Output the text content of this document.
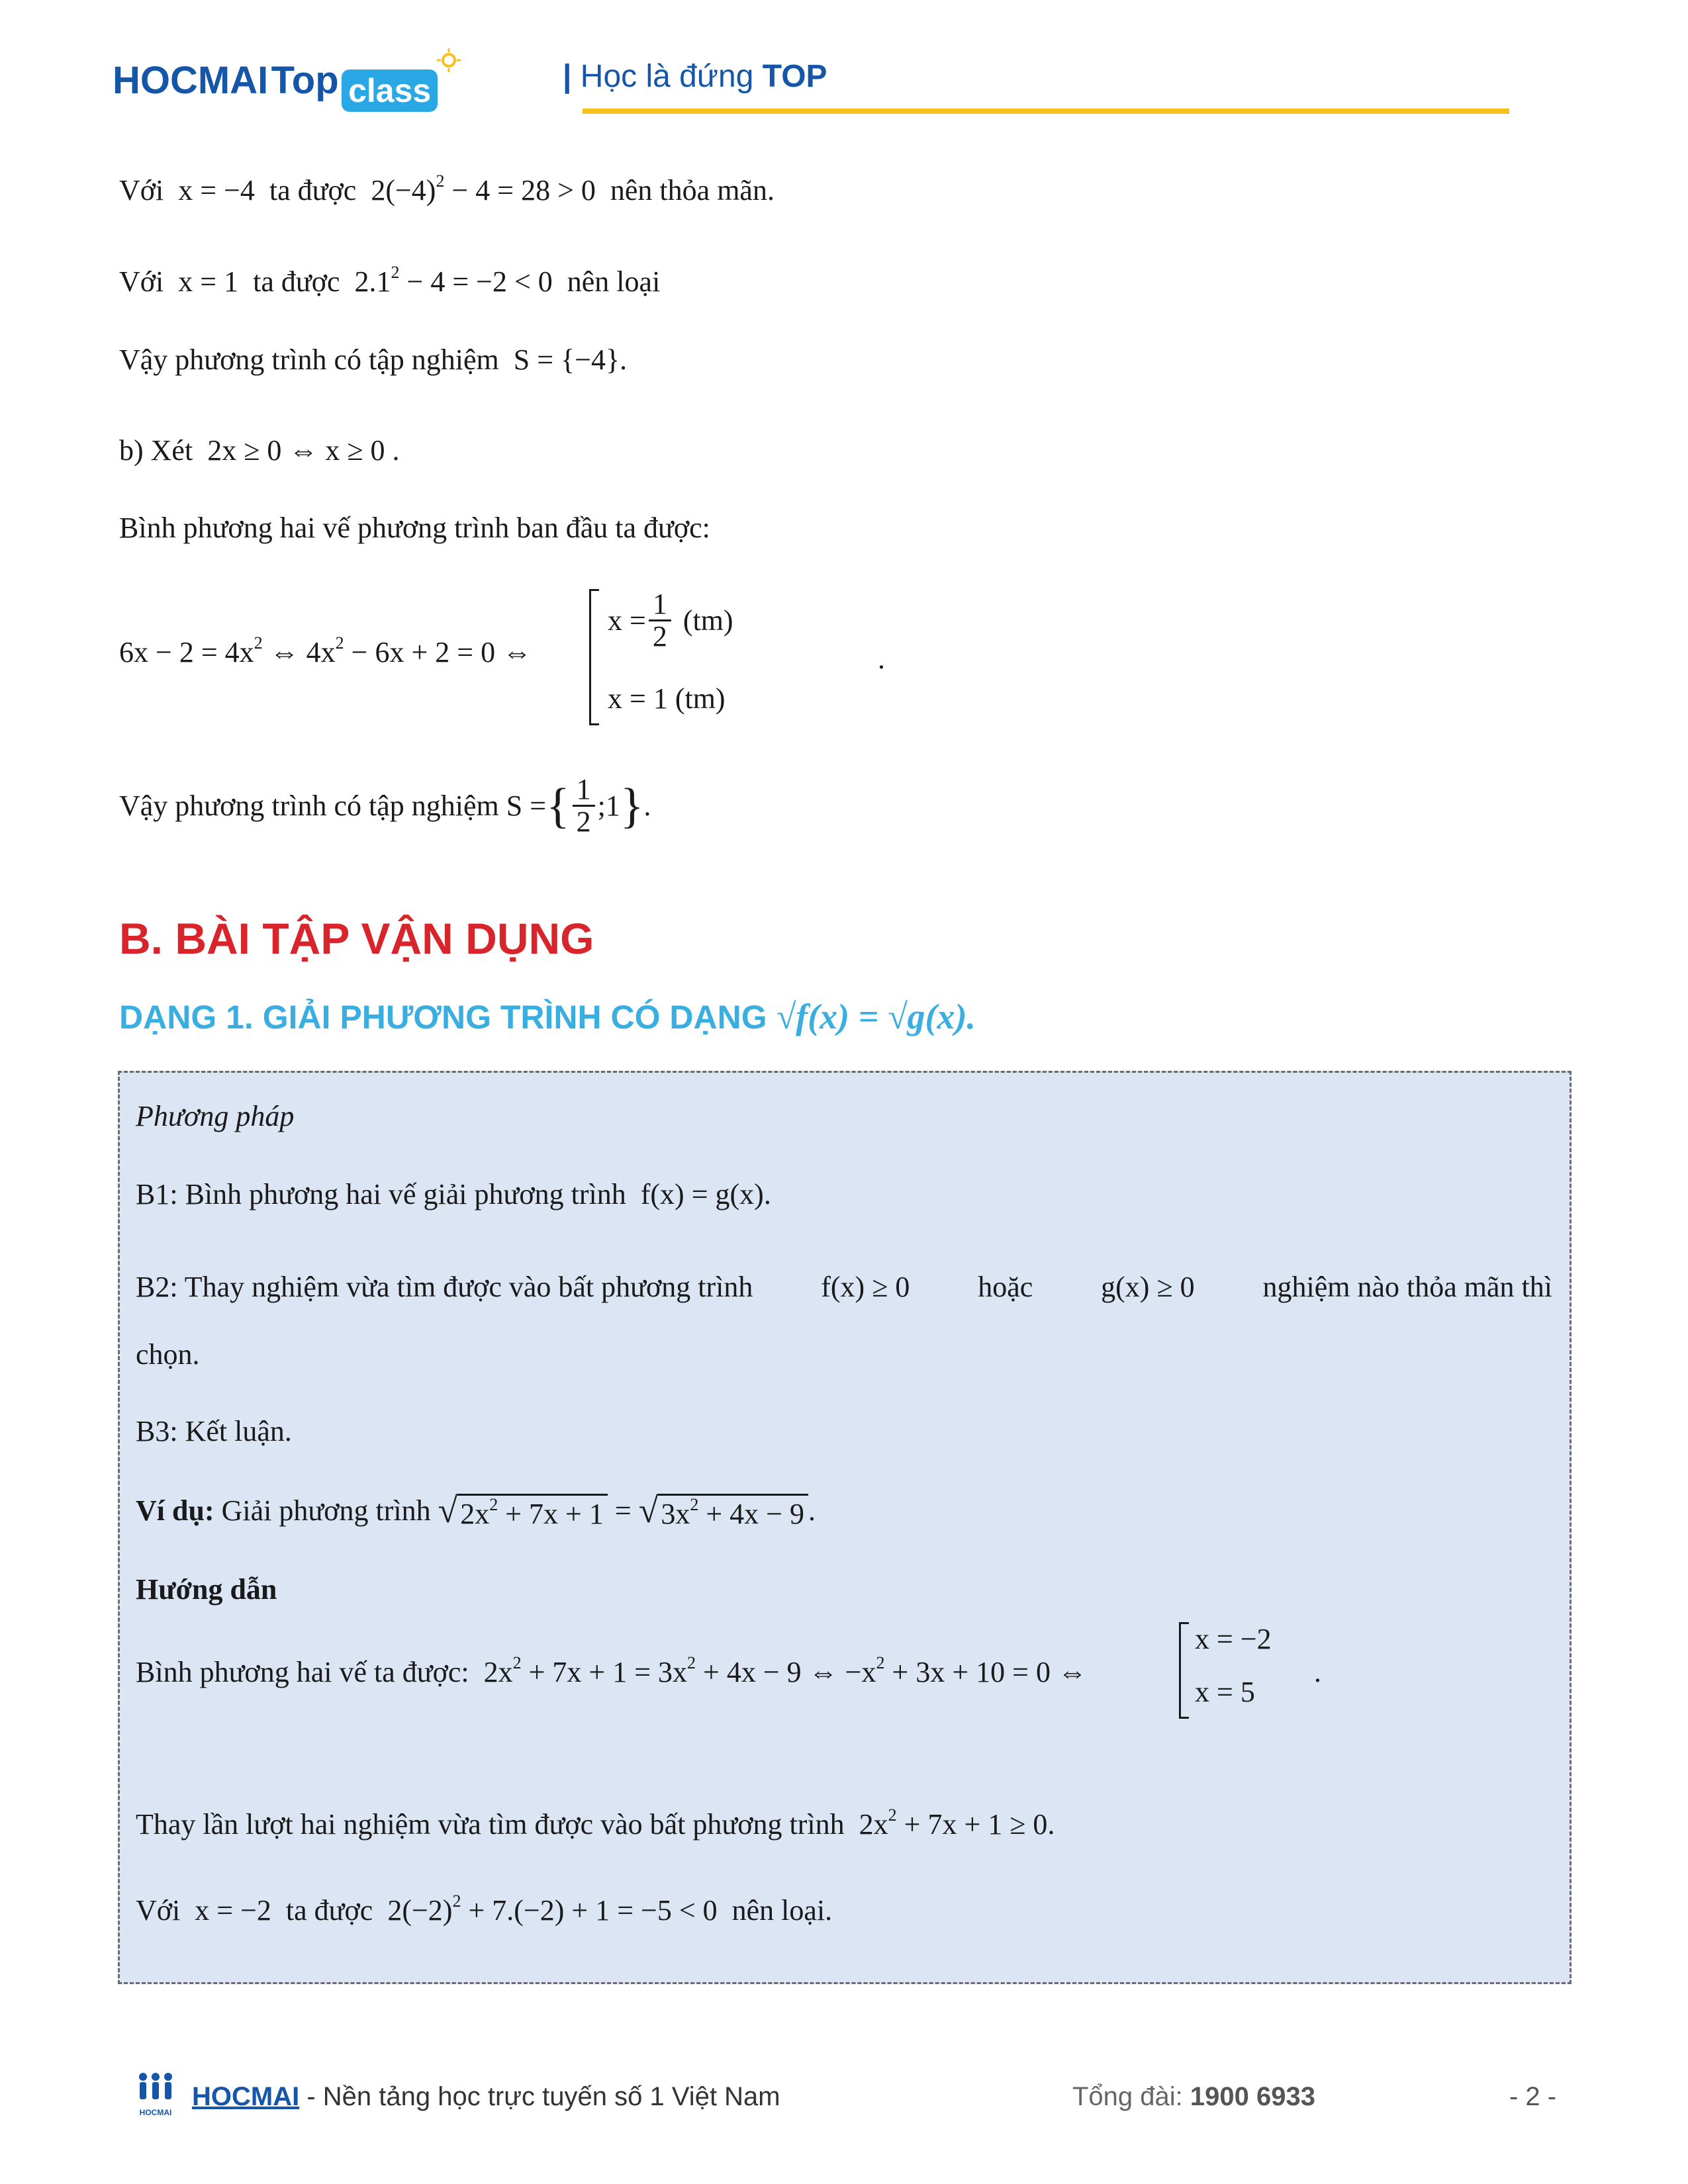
HOCMAI Top class	| Học là đứng TOP
Với x = −4 ta được $2(-4)^2 - 4 = 28 > 0$ nên thỏa mãn.
Với x = 1 ta được $2.1^2 - 4 = -2 < 0$ nên loại
Vậy phương trình có tập nghiệm S = {−4}.
b) Xét 2x ≥ 0 ⇔ x ≥ 0 .
Bình phương hai vế phương trình ban đầu ta được:
$6x - 2 = 4x^2$ ⇔ $4x^2 - 6x + 2 = 0$ ⇔
$x = \frac{1}{2} (tm)$
x = 1 (tm)
.
Vậy phương trình có tập nghiệm
S = { $\frac{1}{2}$ ;1 } .
B. BÀI TẬP VẬN DỤNG
DẠNG 1. GIẢI PHƯƠNG TRÌNH CÓ DẠNG √f(x) = √g(x).
Phương pháp
B1: Bình phương hai vế giải phương trình f(x) = g(x).
B2: Thay nghiệm vừa tìm được vào bất phương trình f(x) ≥ 0 hoặc g(x) ≥ 0 nghiệm nào thỏa mãn thì
chọn.
B3: Kết luận.
Ví dụ:
Giải phương trình
√ $2x^2 + 7x + 1$
=
√ $3x^2 + 4x - 9$ .
Hướng dẫn
Bình phương hai vế ta được: $2x^2 + 7x + 1 = 3x^2 + 4x - 9$ ⇔ $-x^2 + 3x + 10 = 0$ ⇔
x = −2
x = 5
.
Thay lần lượt hai nghiệm vừa tìm được vào bất phương trình $2x^2 + 7x + 1 \ge 0$.
Với x = −2 ta được $2(-2)^2 + 7.(-2) + 1 = -5 < 0$ nên loại.
HOCMAI
HOCMAI - Nền tảng học trực tuyến số 1 Việt Nam	Tổng đài: 1900 6933	- 2 -
